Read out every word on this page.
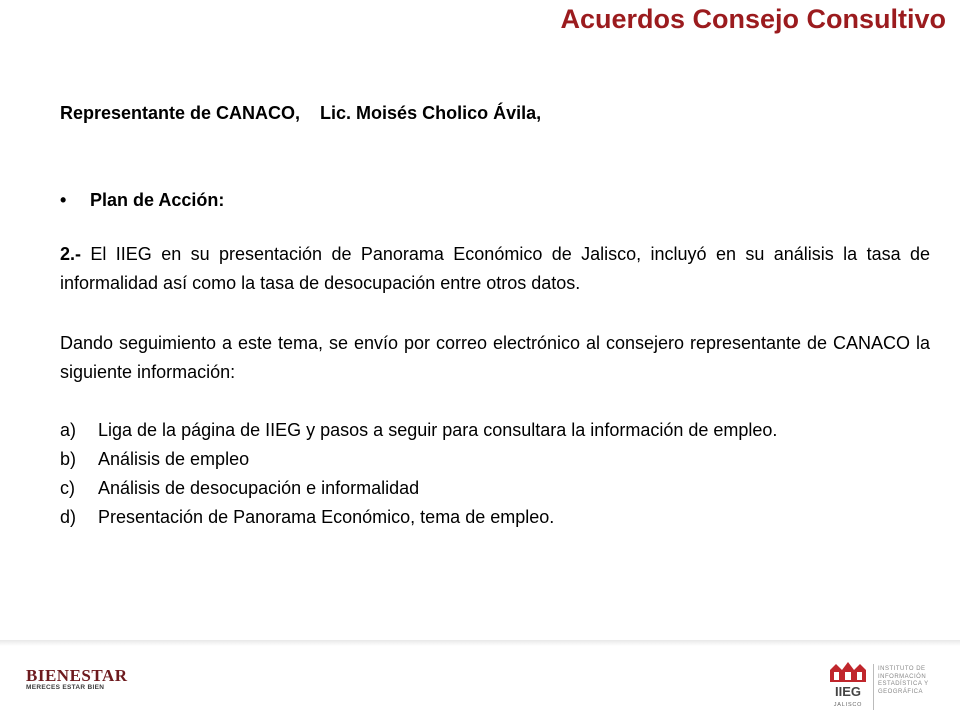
Acuerdos Consejo Consultivo
Representante de CANACO,    Lic. Moisés Cholico Ávila,
• Plan de Acción:
2.- El IIEG en su presentación de Panorama Económico de Jalisco, incluyó en su análisis la tasa de informalidad así como la tasa de desocupación entre otros datos.
Dando seguimiento a este tema, se envío por correo electrónico al consejero representante de CANACO la siguiente información:
a) Liga de la página de IIEG y pasos a seguir para consultara la información de empleo.
b) Análisis de empleo
c) Análisis de desocupación e informalidad
d) Presentación de Panorama Económico, tema de empleo.
BIENESTAR
MERECES ESTAR BIEN	IIEG
JALISCO
INSTITUTO DE
INFORMACIÓN
ESTADÍSTICA Y
GEOGRÁFICA
